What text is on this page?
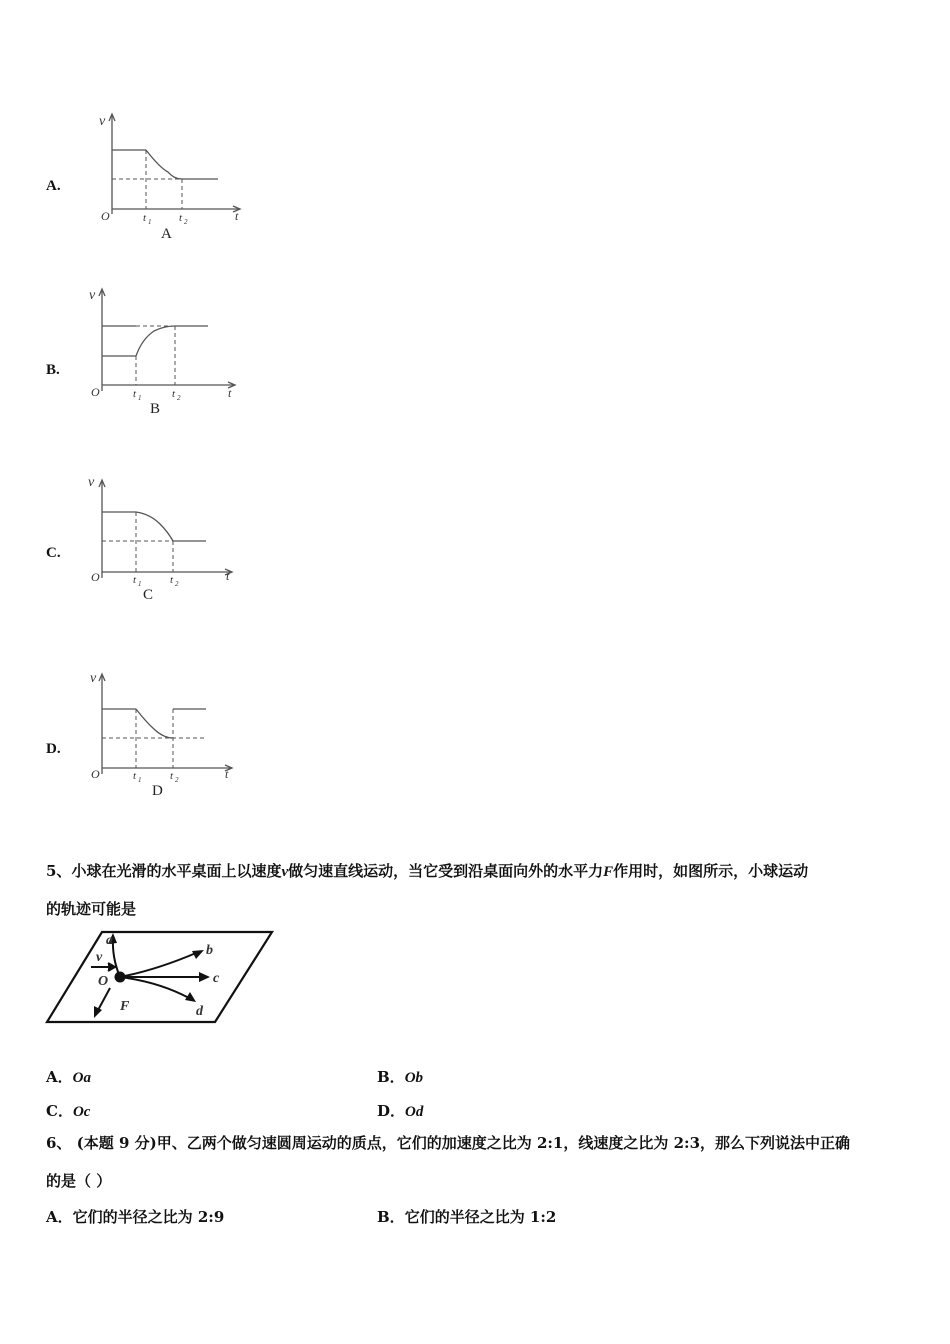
A.
v
t
O	t 1	t 2
A
B.
v
t
O	t 1	t 2
B
C.
v
t
O	t 1	t 2
C
D.
v
t
O	t 1	t 2
D
5、小球在光滑的水平桌面上以速度v做匀速直线运动，当它受到沿桌面向外的水平力F作用时，如图所示，小球运动
的轨迹可能是
a
b
c
d
v
O
F
A．Oa	B．Ob
C．Oc	D．Od
6、 (本题 9 分)甲、乙两个做匀速圆周运动的质点，它们的加速度之比为 2:1，线速度之比为 2:3，那么下列说法中正确
的是（ ）
A．它们的半径之比为 2:9	B．它们的半径之比为 1:2
